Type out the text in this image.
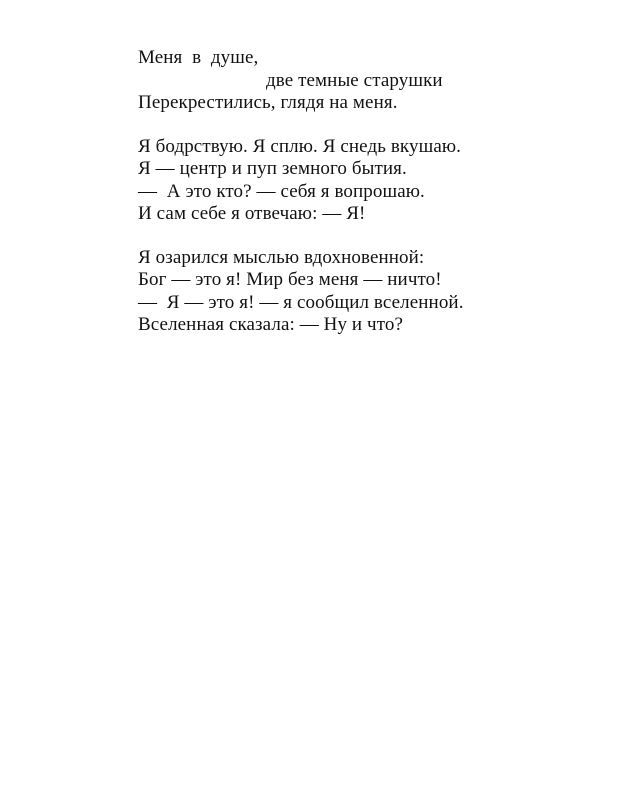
Меня  в  душе,
две темные старушки
Перекрестились, глядя на меня.
Я бодрствую. Я сплю. Я снедь вкушаю.
Я — центр и пуп земного бытия.
—  А это кто? — себя я вопрошаю.
И сам себе я отвечаю: — Я!
Я озарился мыслью вдохновенной:
Бог — это я! Мир без меня — ничто!
—  Я — это я! — я сообщил вселенной.
Вселенная сказала: — Ну и что?
